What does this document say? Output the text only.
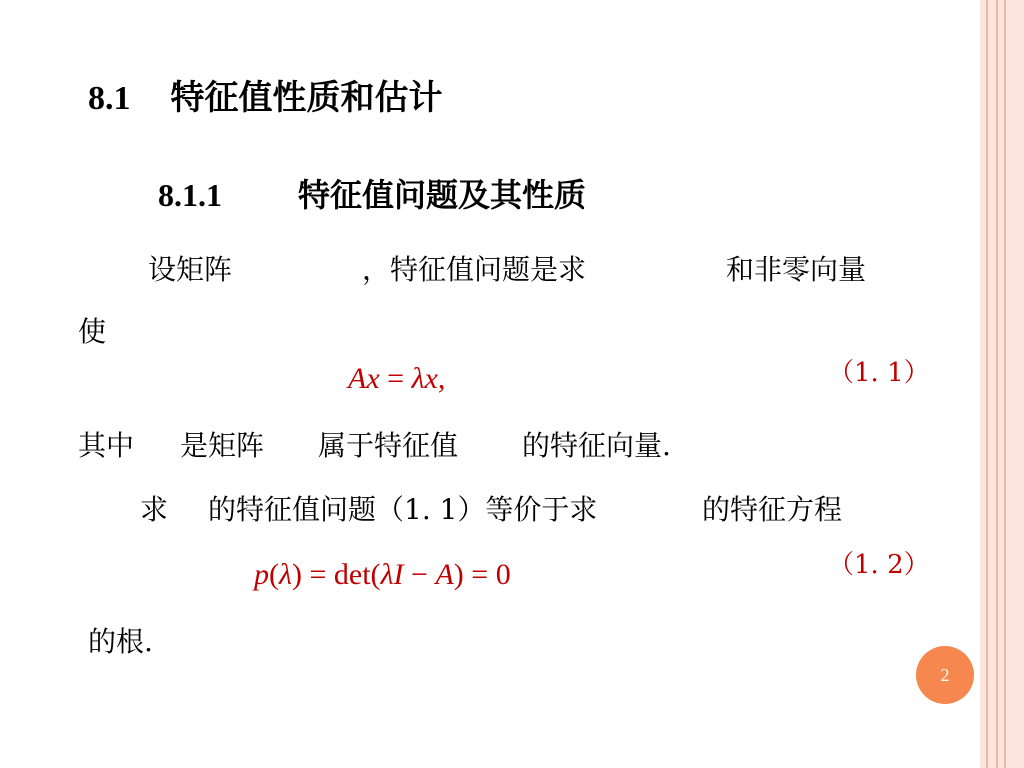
8.1 特征值性质和估计
8.1.1 特征值问题及其性质
设矩阵	，特征值问题是求	和非零向量
使
Ax = λx,	（1. 1）
其中 是矩阵 属于特征值 的特征向量.
求 的特征值问题（1. 1）等价于求	的特征方程
p(λ) = det(λI − A) = 0	（1. 2）
的根.
2
